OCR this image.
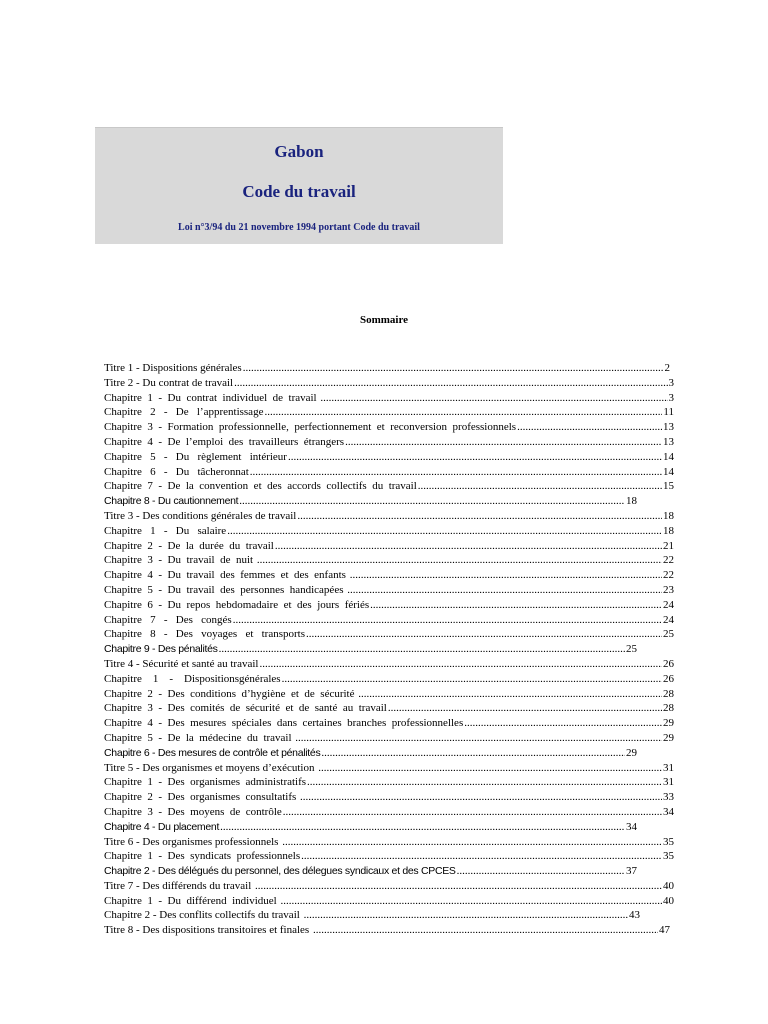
Gabon
Code du travail
Loi n°3/94 du 21 novembre 1994 portant Code du travail
Sommaire
Titre 1 - Dispositions générales .....	2
Titre 2 - Du contrat de travail .....	3
Chapitre  1  -  Du  contrat  individuel  de  travail .....	3
Chapitre   2   -   De   l’apprentissage .....	11
Chapitre  3  -  Formation  professionnelle,  perfectionnement  et  reconversion  professionnels .....	13
Chapitre  4  -  De  l’emploi  des  travailleurs  étrangers .....	13
Chapitre   5   -   Du   règlement   intérieur .....	14
Chapitre   6   -   Du   tâcheronnat .....	14
Chapitre  7  -  De  la  convention  et  des  accords  collectifs  du  travail .....	15
Chapitre 8 - Du cautionnement .....	18
Titre 3 - Des conditions générales de travail .....	18
Chapitre   1   -   Du   salaire .....	18
Chapitre  2  -  De  la  durée  du  travail .....	21
Chapitre  3  -  Du  travail  de  nuit .....	22
Chapitre  4  -  Du  travail  des  femmes  et  des  enfants .....	22
Chapitre  5  -  Du  travail  des  personnes  handicapées .....	23
Chapitre  6  -  Du  repos  hebdomadaire  et  des  jours  fériés .....	24
Chapitre   7   -   Des   congés .....	24
Chapitre   8   -   Des   voyages   et   transports .....	25
Chapitre 9 - Des pénalités .....	25
Titre 4 - Sécurité et santé au travail .....	26
Chapitre    1    -    Dispositionsgénérales .....	26
Chapitre  2  -  Des  conditions  d’hygiène  et  de  sécurité .....	28
Chapitre  3  -  Des  comités  de  sécurité  et  de  santé  au  travail .....	28
Chapitre  4  -  Des  mesures  spéciales  dans  certaines  branches  professionnelles .....	29
Chapitre  5  -  De  la  médecine  du  travail .....	29
Chapitre 6 - Des mesures de contrôle et pénalités .....	29
Titre 5 - Des organismes et moyens d’exécution .....	31
Chapitre  1  -  Des  organismes  administratifs .....	31
Chapitre  2  -  Des  organismes  consultatifs .....	33
Chapitre  3  -  Des  moyens  de  contrôle .....	34
Chapitre 4 - Du placement .....	34
Titre 6 - Des organismes professionnels .....	35
Chapitre  1  -  Des  syndicats  professionnels .....	35
Chapitre 2 - Des délégués du personnel, des délegues syndicaux et des CPCES .....	37
Titre 7 - Des différends du travail .....	40
Chapitre  1  -  Du  différend  individuel .....	40
Chapitre 2 - Des conflits collectifs du travail .....	43
Titre 8 - Des dispositions transitoires et finales .....	47
